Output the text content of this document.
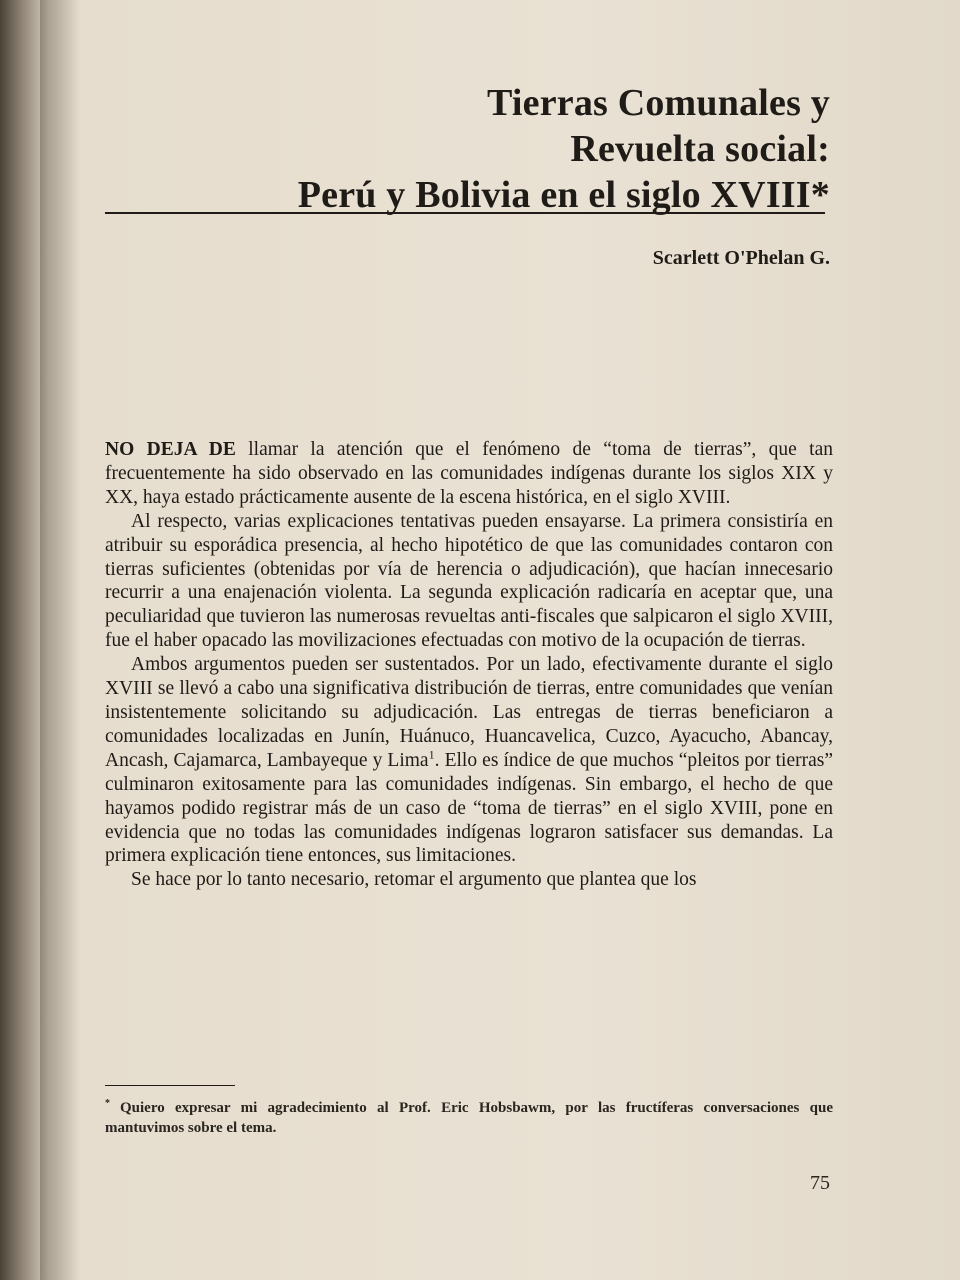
Tierras Comunales y
Revuelta social:
Perú y Bolivia en el siglo XVIII*
Scarlett O'Phelan G.

NO DEJA DE llamar la atención que el fenómeno de “toma de tierras”, que tan frecuentemente ha sido observado en las comunidades indígenas durante los siglos XIX y XX, haya estado prácticamente ausente de la escena histórica, en el siglo XVIII.

Al respecto, varias explicaciones tentativas pueden ensayarse. La primera consistiría en atribuir su esporádica presencia, al hecho hipotético de que las comunidades contaron con tierras suficientes (obtenidas por vía de herencia o adjudicación), que hacían innecesario recurrir a una enajenación violenta. La segunda explicación radicaría en aceptar que, una peculiaridad que tuvieron las numerosas revueltas anti-fiscales que salpicaron el siglo XVIII, fue el haber opacado las movilizaciones efectuadas con motivo de la ocupación de tierras.

Ambos argumentos pueden ser sustentados. Por un lado, efectivamente durante el siglo XVIII se llevó a cabo una significativa distribución de tierras, entre comunidades que venían insistentemente solicitando su adjudicación. Las entregas de tierras beneficiaron a comunidades localizadas en Junín, Huánuco, Huancavelica, Cuzco, Ayacucho, Abancay, Ancash, Cajamarca, Lambayeque y Lima$^1$. Ello es índice de que muchos “pleitos por tierras” culminaron exitosamente para las comunidades indígenas. Sin embargo, el hecho de que hayamos podido registrar más de un caso de “toma de tierras” en el siglo XVIII, pone en evidencia que no todas las comunidades indígenas lograron satisfacer sus demandas. La primera explicación tiene entonces, sus limitaciones.

Se hace por lo tanto necesario, retomar el argumento que plantea que los

* Quiero expresar mi agradecimiento al Prof. Eric Hobsbawm, por las fructíferas conversaciones que mantuvimos sobre el tema.
75
